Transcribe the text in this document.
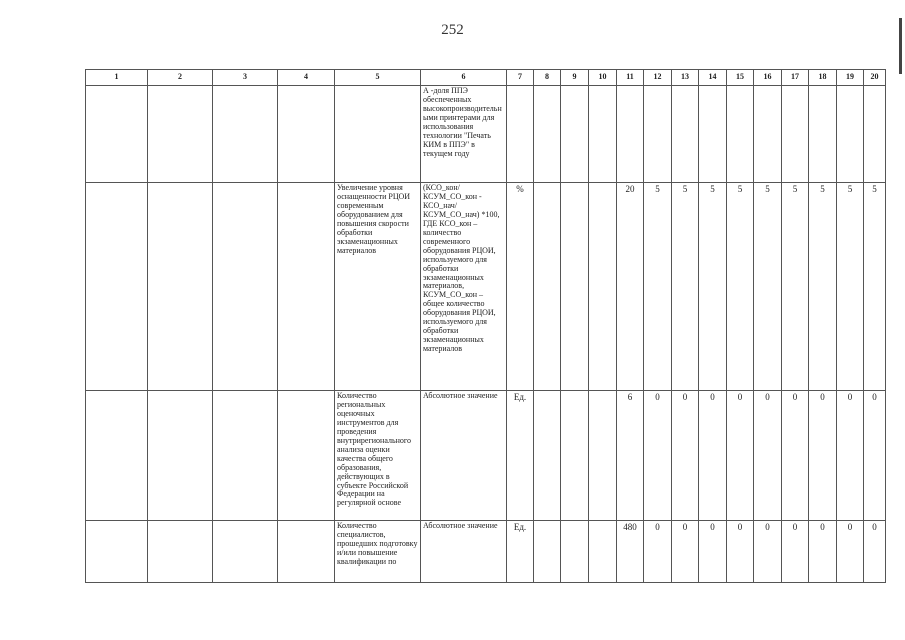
252
1	2	3	4	5	6	7	8	9	10	11	12	13	14	15	16	17	18	19	20
					А -доля ППЭ обеспеченных высокопроизводительными принтерами для использования технологии "Печать КИМ в ППЭ" в текущем году														
				Увеличение уровня оснащенности РЦОИ современным оборудованием для повышения скорости обработки экзаменационных материалов	(КСО_кон/КСУМ_СО_кон - КСО_нач/КСУМ_СО_нач) *100, ГДЕ КСО_кон – количество современного оборудования РЦОИ, используемого для обработки экзаменационных материалов, КСУМ_СО_кон – общее количество оборудования РЦОИ, используемого для обработки экзаменационных материалов	%				20	5	5	5	5	5	5	5	5	5
				Количество региональных оценочных инструментов для проведения внутрирегионального анализа оценки качества общего образования, действующих в субъекте Российской Федерации на регулярной основе	Абсолютное значение	Ед.				6	0	0	0	0	0	0	0	0	0
				Количество специалистов, прошедших подготовку и/или повышение квалификации по	Абсолютное значение	Ед.				480	0	0	0	0	0	0	0	0	0
